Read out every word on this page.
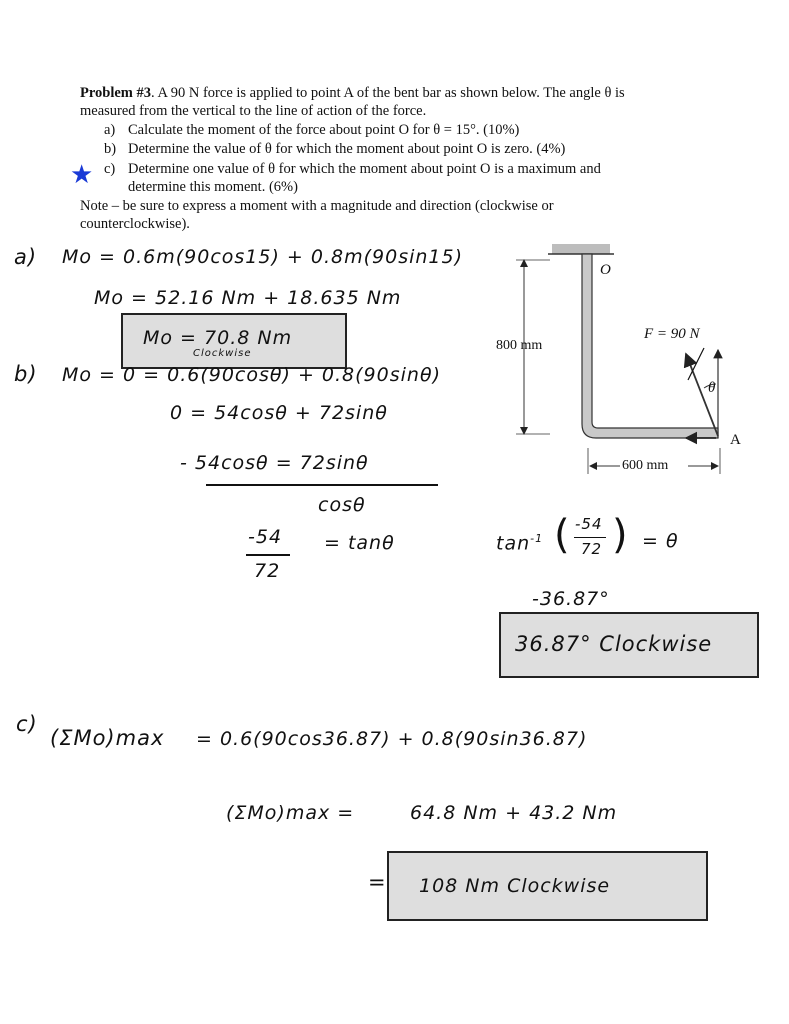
Problem #3. A 90 N force is applied to point A of the bent bar as shown below. The angle θ is
measured from the vertical to the line of action of the force.
a) Calculate the moment of the force about point O for θ = 15°. (10%)
b) Determine the value of θ for which the moment about point O is zero. (4%)
★ c) Determine one value of θ for which the moment about point O is a maximum and
determine this moment. (6%)
Note – be sure to express a moment with a magnitude and direction (clockwise or
counterclockwise).
O
A
θ
F = 90 N
800 mm
600 mm
a) Mo = 0.6m(90cos15) + 0.8m(90sin15)
Mo = 52.16 Nm + 18.635 Nm
Mo = 70.8 Nm
Clockwise
b) Mo = 0 = 0.6(90cosθ) + 0.8(90sinθ)
0 = 54cosθ + 72sinθ
- 54cosθ = 72sinθ
cosθ
-54
72
= tanθ	$\tan^{-1}$ ( -54
72 ) = θ
-36.87°
36.87° Clockwise
c)
(ΣMo)max = 0.6(90cos36.87) + 0.8(90sin36.87)
(ΣMo)max =	64.8 Nm + 43.2 Nm
= 108 Nm Clockwise
